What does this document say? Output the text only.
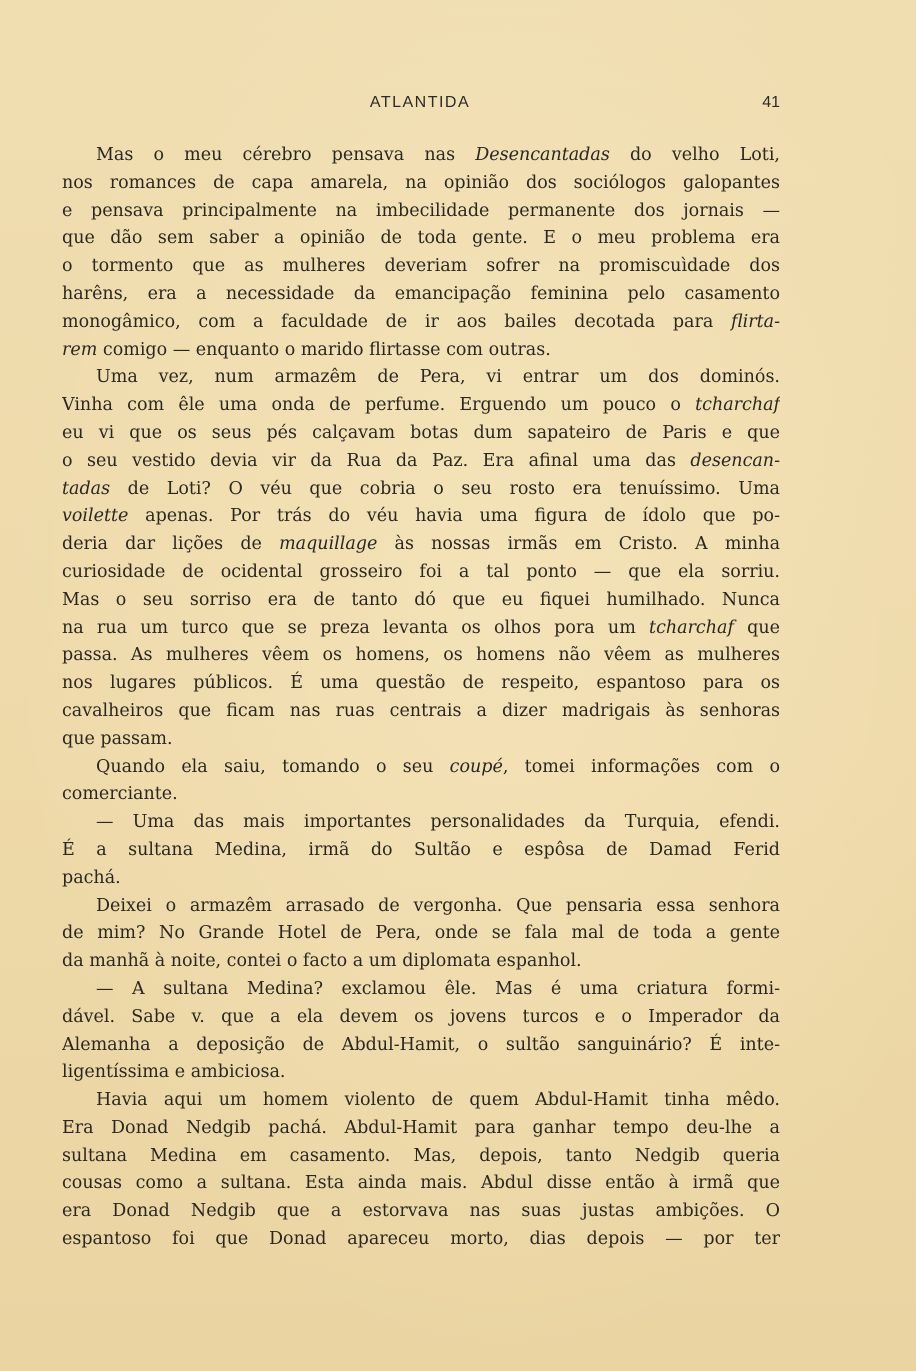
ATLANTIDA	41
Mas o meu cérebro pensava nas Desencantadas do velho Loti,
nos romances de capa amarela, na opinião dos sociólogos galopantes
e pensava principalmente na imbecilidade permanente dos jornais —
que dão sem saber a opinião de toda gente. E o meu problema era
o tormento que as mulheres deveriam sofrer na promiscuìdade dos
harêns, era a necessidade da emancipação feminina pelo casamento
monogâmico, com a faculdade de ir aos bailes decotada para flirta-
rem comigo — enquanto o marido flirtasse com outras.
Uma vez, num armazêm de Pera, vi entrar um dos dominós.
Vinha com êle uma onda de perfume. Erguendo um pouco o tcharchaf
eu vi que os seus pés calçavam botas dum sapateiro de Paris e que
o seu vestido devia vir da Rua da Paz. Era afinal uma das desencan-
tadas de Loti? O véu que cobria o seu rosto era tenuíssimo. Uma
voilette apenas. Por trás do véu havia uma figura de ídolo que po-
deria dar lições de maquillage às nossas irmãs em Cristo. A minha
curiosidade de ocidental grosseiro foi a tal ponto — que ela sorriu.
Mas o seu sorriso era de tanto dó que eu fiquei humilhado. Nunca
na rua um turco que se preza levanta os olhos pora um tcharchaf que
passa. As mulheres vêem os homens, os homens não vêem as mulheres
nos lugares públicos. É uma questão de respeito, espantoso para os
cavalheiros que ficam nas ruas centrais a dizer madrigais às senhoras
que passam.
Quando ela saiu, tomando o seu coupé, tomei informações com o
comerciante.
— Uma das mais importantes personalidades da Turquia, efendi.
É a sultana Medina, irmã do Sultão e espôsa de Damad Ferid
pachá.
Deixei o armazêm arrasado de vergonha. Que pensaria essa senhora
de mim? No Grande Hotel de Pera, onde se fala mal de toda a gente
da manhã à noite, contei o facto a um diplomata espanhol.
— A sultana Medina? exclamou êle. Mas é uma criatura formi-
dável. Sabe v. que a ela devem os jovens turcos e o Imperador da
Alemanha a deposição de Abdul-Hamit, o sultão sanguinário? É inte-
ligentíssima e ambiciosa.
Havia aqui um homem violento de quem Abdul-Hamit tinha mêdo.
Era Donad Nedgib pachá. Abdul-Hamit para ganhar tempo deu-lhe a
sultana Medina em casamento. Mas, depois, tanto Nedgib queria
cousas como a sultana. Esta ainda mais. Abdul disse então à irmã que
era Donad Nedgib que a estorvava nas suas justas ambições. O
espantoso foi que Donad apareceu morto, dias depois — por ter
